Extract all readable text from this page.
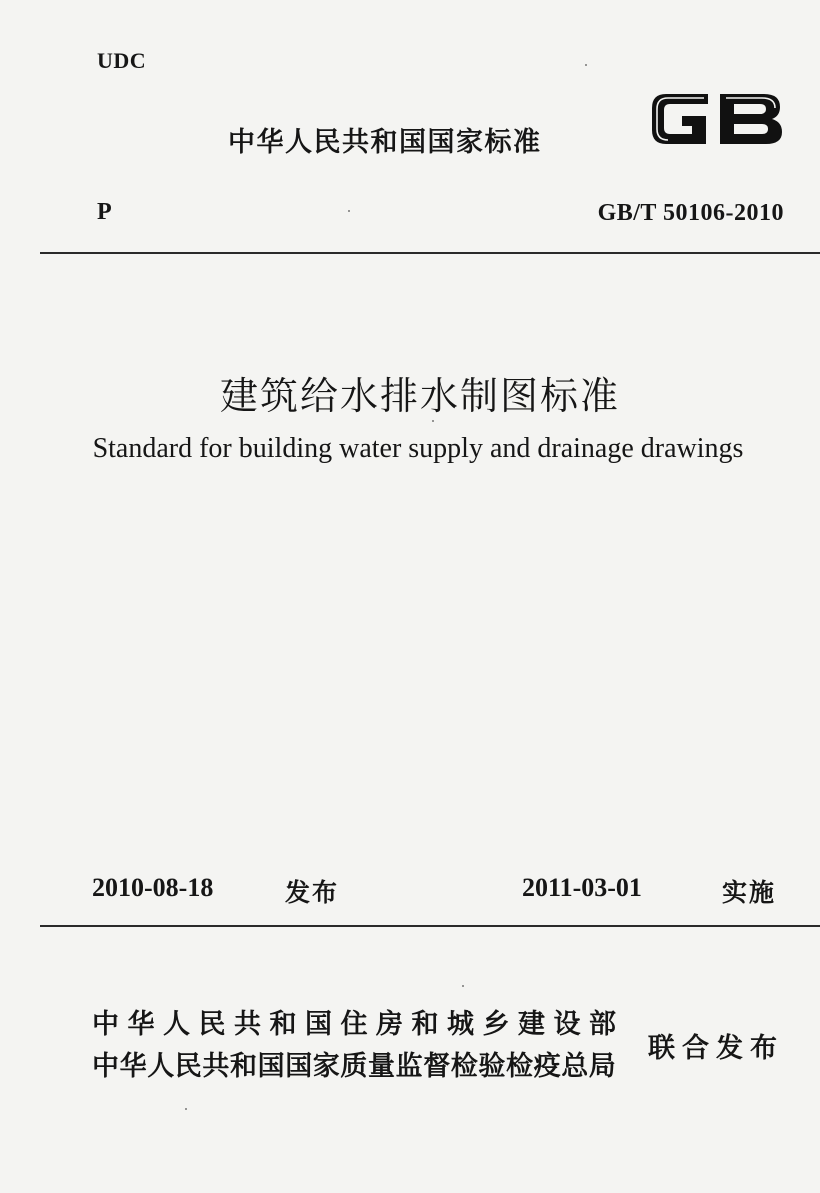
UDC
中华人民共和国国家标准
P	GB/T 50106-2010
建筑给水排水制图标准
Standard for building water supply and drainage drawings
2010-08-18	发布	2011-03-01	实施
中华人民共和国住房和城乡建设部
中华人民共和国国家质量监督检验检疫总局
联合发布
